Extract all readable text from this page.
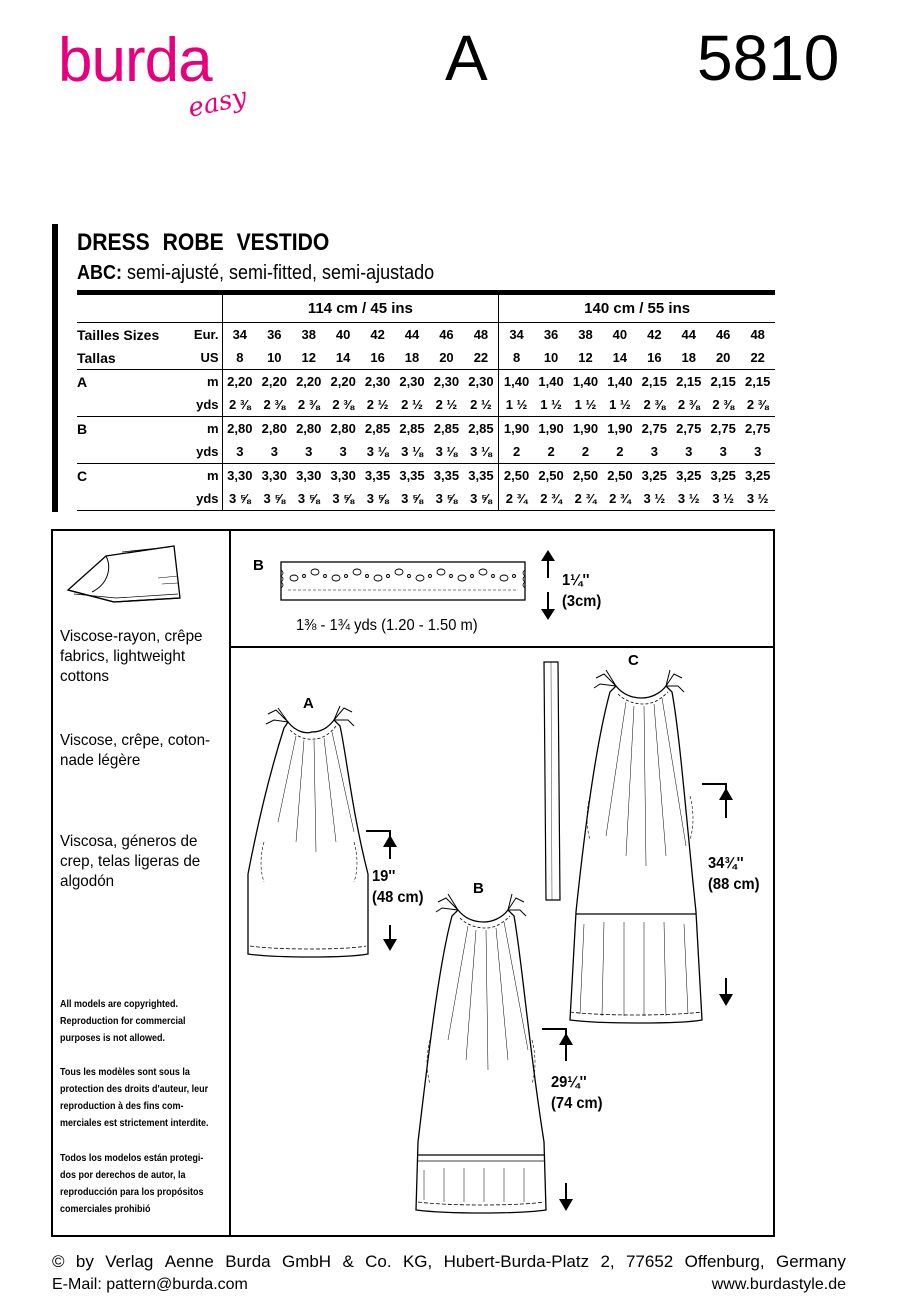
burda
easy
A	5810
DRESS ROBE VESTIDO
ABC: semi-ajusté, semi-fitted, semi-ajustado
		114 cm / 45 ins								140 cm / 55 ins							
Tailles Sizes	Eur.	34	36	38	40	42	44	46	48	34	36	38	40	42	44	46	48
Tallas	US	8	10	12	14	16	18	20	22	8	10	12	14	16	18	20	22
A	m	2,20	2,20	2,20	2,20	2,30	2,30	2,30	2,30	1,40	1,40	1,40	1,40	2,15	2,15	2,15	2,15
	yds	2 ⅜	2 ⅜	2 ⅜	2 ⅜	2 ½	2 ½	2 ½	2 ½	1 ½	1 ½	1 ½	1 ½	2 ⅜	2 ⅜	2 ⅜	2 ⅜
B	m	2,80	2,80	2,80	2,80	2,85	2,85	2,85	2,85	1,90	1,90	1,90	1,90	2,75	2,75	2,75	2,75
	yds	3	3	3	3	3 ⅛	3 ⅛	3 ⅛	3 ⅛	2	2	2	2	3	3	3	3
C	m	3,30	3,30	3,30	3,30	3,35	3,35	3,35	3,35	2,50	2,50	2,50	2,50	3,25	3,25	3,25	3,25
	yds	3 ⅝	3 ⅝	3 ⅝	3 ⅝	3 ⅝	3 ⅝	3 ⅝	3 ⅝	2 ¾	2 ¾	2 ¾	2 ¾	3 ½	3 ½	3 ½	3 ½
Viscose-rayon, crêpe fabrics, lightweight cottons
Viscose, crêpe, coton-nade légère
Viscosa, géneros de crep, telas ligeras de algodón
All models are copyrighted. Reproduction for commercial purposes is not allowed.
Tous les modèles sont sous la protection des droits d'auteur, leur reproduction à des fins com-merciales est strictement interdite.
Todos los modelos están protegi-dos por derechos de autor, la reproducción para los propósitos comerciales prohibió
B
1¼''
(3cm)
1⅜ - 1¾ yds (1.20 - 1.50 m)
A
19''
(48 cm)
B
29¼''
(74 cm)
C
34¾''
(88 cm)
© by Verlag Aenne Burda GmbH & Co. KG, Hubert-Burda-Platz 2, 77652 Offenburg, Germany
E-Mail: pattern@burda.com	www.burdastyle.de
